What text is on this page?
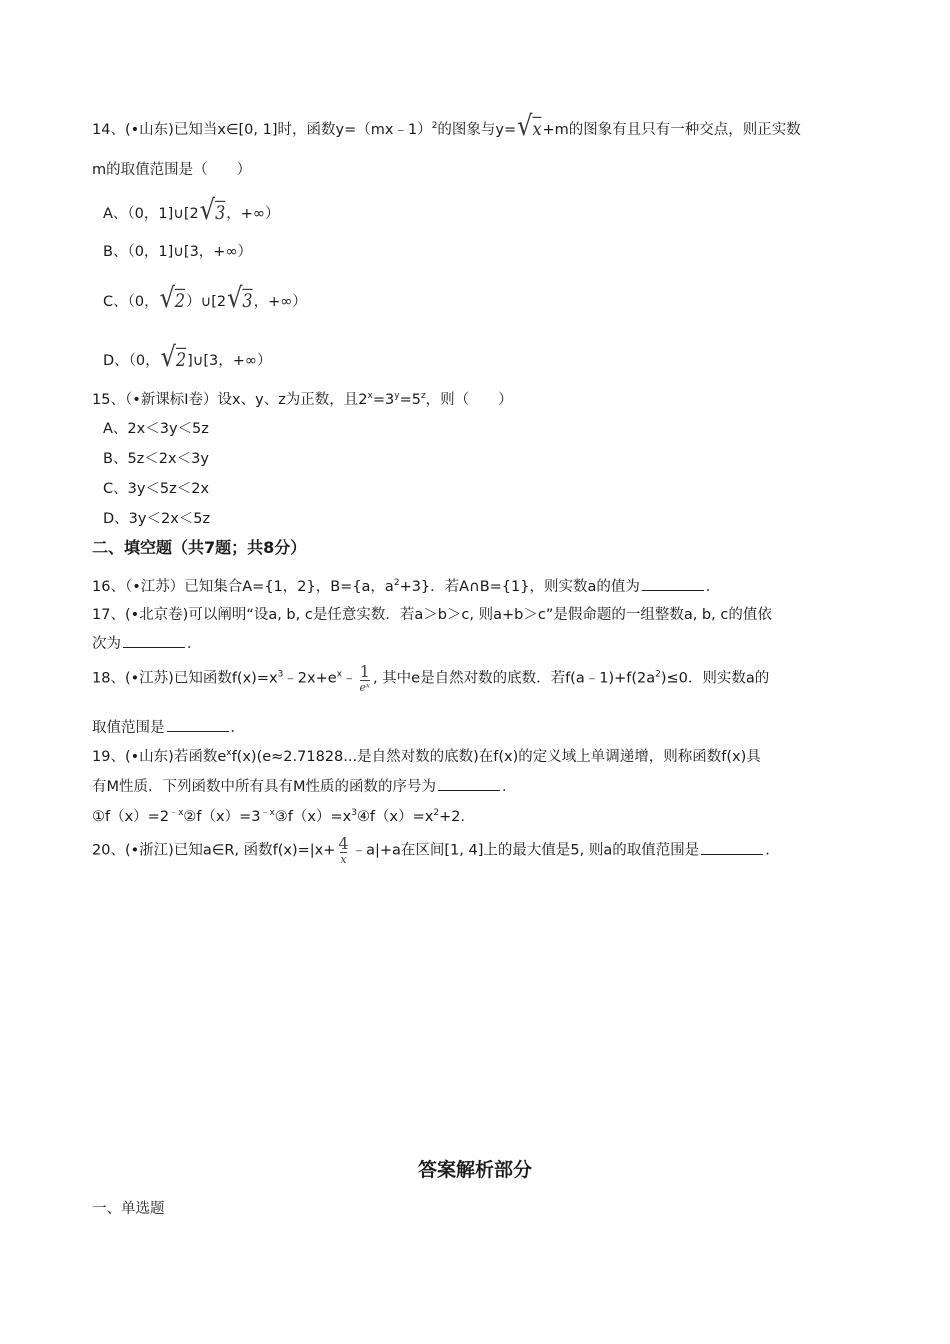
14、(•山东)已知当x∈[0, 1]时，函数y=（mx﹣1）$^2$的图象与y=√x+m的图象有且只有一种交点，则正实数
m的取值范围是（　　）
A、（0，1]∪[2√3，+∞）
B、（0，1]∪[3，+∞）
C、（0，√2）∪[2√3，+∞）
D、（0，√2]∪[3，+∞）
15、（•新课标Ⅰ卷）设x、y、z为正数，且$2^x=3^y=5^z$，则（　　）
A、2x＜3y＜5z
B、5z＜2x＜3y
C、3y＜5z＜2x
D、3y＜2x＜5z
二、填空题（共7题；共8分）
16、（•江苏）已知集合A={1，2}，B={a，$a^2+3$}．若A∩B={1}，则实数a的值为	．
17、(•北京卷)可以阐明“设a, b, c是任意实数．若a＞b＞c, 则a+b＞c”是假命题的一组整数a, b, c的值依
次为	．
18、(•江苏)已知函数$f(x)=x^3﹣2x+e^x﹣ \frac{1}{\text{eˣ}}$ , 其中e是自然对数的底数．若$f(a﹣1)+f(2a^2)\le 0$．则实数a的
取值范围是	．
19、(•山东)若函数$e^xf(x)(e\approx 2.71828$...是自然对数的底数)在f(x)的定义域上单调递增，则称函数f(x)具
有M性质．下列函数中所有具有M性质的函数的序号为	．
$①f(x)=2^{﹣x}②f(x)=3^{﹣x}③f(x)=x^3④f(x)=x^2+2$．
20、(•浙江)已知a∈R, 函数$f(x)=|x+ \frac{4}{x}$ ﹣a|+a在区间[1, 4]上的最大值是5, 则a的取值范围是	．
答案解析部分
一、单选题
